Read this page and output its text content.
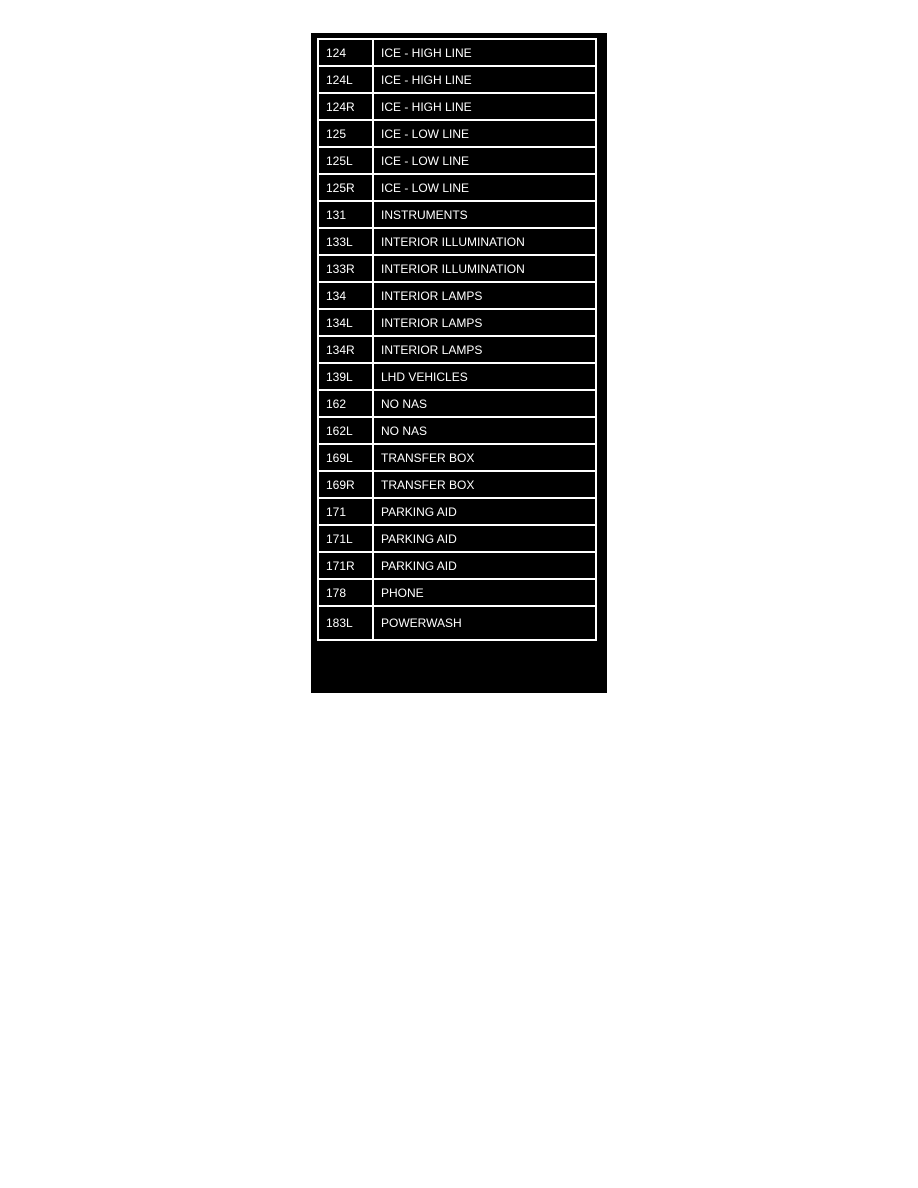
124	ICE - HIGH LINE
124L	ICE - HIGH LINE
124R	ICE - HIGH LINE
125	ICE - LOW LINE
125L	ICE - LOW LINE
125R	ICE - LOW LINE
131	INSTRUMENTS
133L	INTERIOR ILLUMINATION
133R	INTERIOR ILLUMINATION
134	INTERIOR LAMPS
134L	INTERIOR LAMPS
134R	INTERIOR LAMPS
139L	LHD VEHICLES
162	NO NAS
162L	NO NAS
169L	TRANSFER BOX
169R	TRANSFER BOX
171	PARKING AID
171L	PARKING AID
171R	PARKING AID
178	PHONE
183L	POWERWASH
